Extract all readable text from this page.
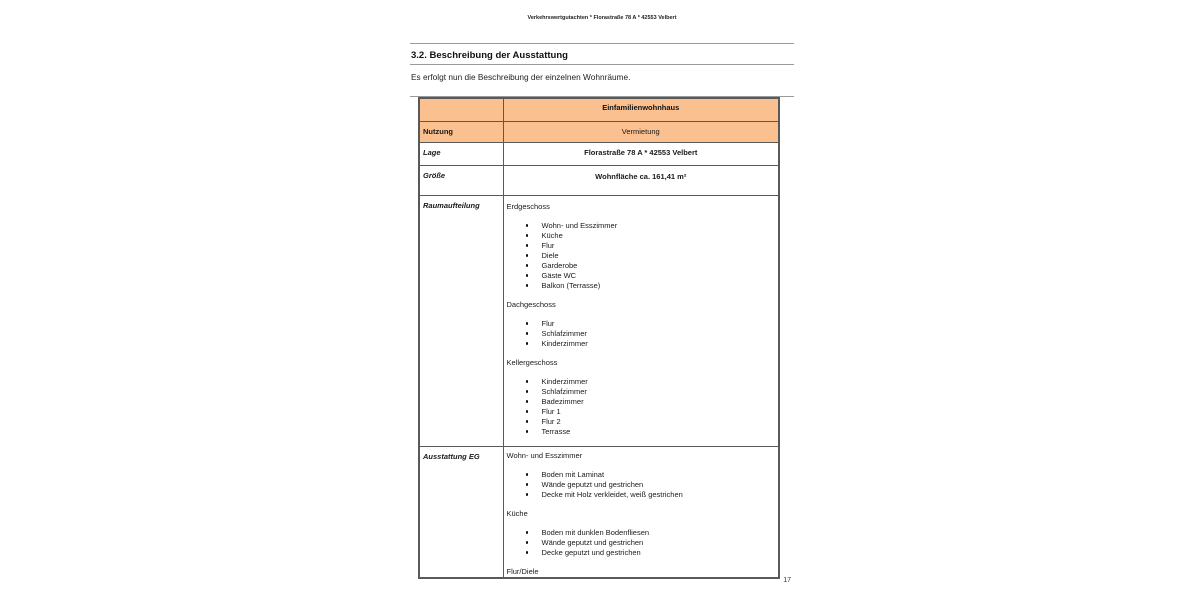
Verkehrswertgutachten * Florastraße 78 A * 42553 Velbert
3.2. Beschreibung der Ausstattung

Es erfolgt nun die Beschreibung der einzelnen Wohnräume.

	Einfamilienwohnhaus
Nutzung	Vermietung
Lage	Florastraße 78 A * 42553 Velbert
Größe	Wohnfläche ca. 161,41 m²
Raumaufteilung	Erdgeschoss
Wohn- und Esszimmer
Küche
Flur
Diele
Garderobe
Gäste WC
Balkon (Terrasse)
Dachgeschoss
Flur
Schlafzimmer
Kinderzimmer
Kellergeschoss
Kinderzimmer
Schlafzimmer
Badezimmer
Flur 1
Flur 2
Terrasse

Ausstattung EG	Wohn- und Esszimmer
Boden mit Laminat
Wände geputzt und gestrichen
Decke mit Holz verkleidet, weiß gestrichen
Küche
Boden mit dunklen Bodenfliesen
Wände geputzt und gestrichen
Decke geputzt und gestrichen
Flur/Diele
17
